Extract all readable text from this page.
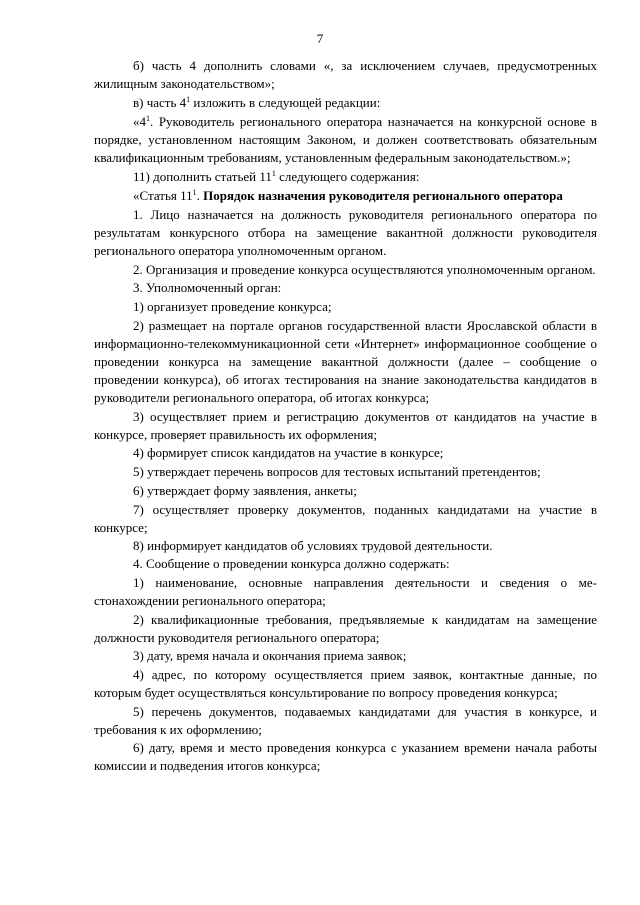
7

б) часть 4 дополнить словами «, за исключением случаев, предусмотренных жилищным законодательством»;

в) часть $4^1$ изложить в следующей редакции:

«$4^1$. Руководитель регионального оператора назначается на конкурсной основе в порядке, установленном настоящим Законом, и должен соответствовать обязательным квалификационным требованиям, установленным федеральным законодательством.»;

11) дополнить статьей $11^1$ следующего содержания:

«Статья $11^1$. Порядок назначения руководителя регионального оператора

1. Лицо назначается на должность руководителя регионального оператора по результатам конкурсного отбора на замещение вакантной должности руководителя регионального оператора уполномоченным органом.

2. Организация и проведение конкурса осуществляются уполномоченным органом.

3. Уполномоченный орган:

1) организует проведение конкурса;

2) размещает на портале органов государственной власти Ярославской области в информационно-телекоммуникационной сети «Интернет» информационное сообщение о проведении конкурса на замещение вакантной должности (далее – сообщение о проведении конкурса), об итогах тестирования на знание законодательства кандидатов в руководители регионального оператора, об итогах конкурса;

3) осуществляет прием и регистрацию документов от кандидатов на участие в конкурсе, проверяет правильность их оформления;

4) формирует список кандидатов на участие в конкурсе;

5) утверждает перечень вопросов для тестовых испытаний претендентов;

6) утверждает форму заявления, анкеты;

7) осуществляет проверку документов, поданных кандидатами на участие в конкурсе;

8) информирует кандидатов об условиях трудовой деятельности.

4. Сообщение о проведении конкурса должно содержать:

1) наименование, основные направления деятельности и сведения о местонахождении регионального оператора;

2) квалификационные требования, предъявляемые к кандидатам на замещение должности руководителя регионального оператора;

3) дату, время начала и окончания приема заявок;

4) адрес, по которому осуществляется прием заявок, контактные данные, по которым будет осуществляться консультирование по вопросу проведения конкурса;

5) перечень документов, подаваемых кандидатами для участия в конкурсе, и требования к их оформлению;

6) дату, время и место проведения конкурса с указанием времени начала работы комиссии и подведения итогов конкурса;
